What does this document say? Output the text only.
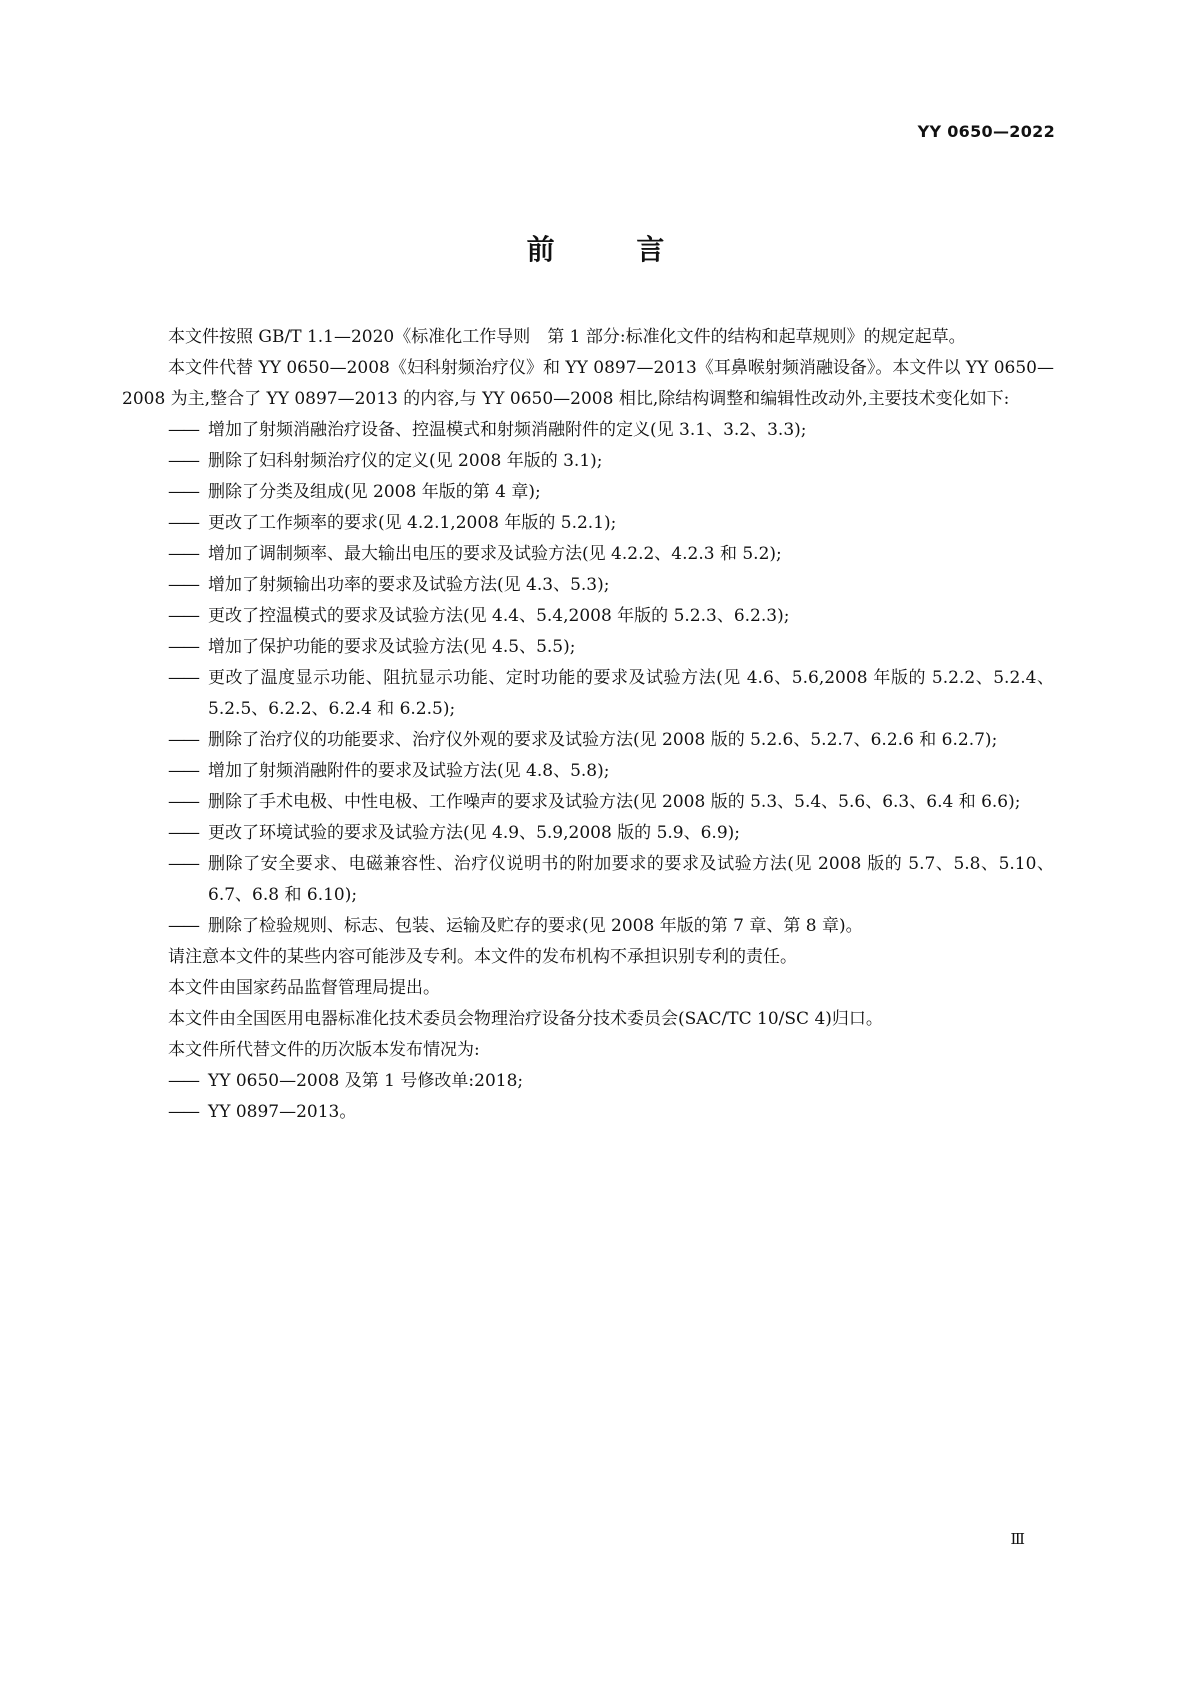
YY 0650—2022
前 言

本文件按照 GB/T 1.1—2020《标准化工作导则　第 1 部分:标准化文件的结构和起草规则》的规定起草。

本文件代替 YY 0650—2008《妇科射频治疗仪》和 YY 0897—2013《耳鼻喉射频消融设备》。本文件以 YY 0650—2008 为主,整合了 YY 0897—2013 的内容,与 YY 0650—2008 相比,除结构调整和编辑性改动外,主要技术变化如下:

—— 增加了射频消融治疗设备、控温模式和射频消融附件的定义(见 3.1、3.2、3.3);
—— 删除了妇科射频治疗仪的定义(见 2008 年版的 3.1);
—— 删除了分类及组成(见 2008 年版的第 4 章);
—— 更改了工作频率的要求(见 4.2.1,2008 年版的 5.2.1);
—— 增加了调制频率、最大输出电压的要求及试验方法(见 4.2.2、4.2.3 和 5.2);
—— 增加了射频输出功率的要求及试验方法(见 4.3、5.3);
—— 更改了控温模式的要求及试验方法(见 4.4、5.4,2008 年版的 5.2.3、6.2.3);
—— 增加了保护功能的要求及试验方法(见 4.5、5.5);
—— 更改了温度显示功能、阻抗显示功能、定时功能的要求及试验方法(见 4.6、5.6,2008 年版的 5.2.2、5.2.4、5.2.5、6.2.2、6.2.4 和 6.2.5);
—— 删除了治疗仪的功能要求、治疗仪外观的要求及试验方法(见 2008 版的 5.2.6、5.2.7、6.2.6 和 6.2.7);
—— 增加了射频消融附件的要求及试验方法(见 4.8、5.8);
—— 删除了手术电极、中性电极、工作噪声的要求及试验方法(见 2008 版的 5.3、5.4、5.6、6.3、6.4 和 6.6);
—— 更改了环境试验的要求及试验方法(见 4.9、5.9,2008 版的 5.9、6.9);
—— 删除了安全要求、电磁兼容性、治疗仪说明书的附加要求的要求及试验方法(见 2008 版的 5.7、5.8、5.10、6.7、6.8 和 6.10);
—— 删除了检验规则、标志、包装、运输及贮存的要求(见 2008 年版的第 7 章、第 8 章)。

请注意本文件的某些内容可能涉及专利。本文件的发布机构不承担识别专利的责任。

本文件由国家药品监督管理局提出。

本文件由全国医用电器标准化技术委员会物理治疗设备分技术委员会(SAC/TC 10/SC 4)归口。

本文件所代替文件的历次版本发布情况为:

—— YY 0650—2008 及第 1 号修改单:2018;
—— YY 0897—2013。
Ⅲ
